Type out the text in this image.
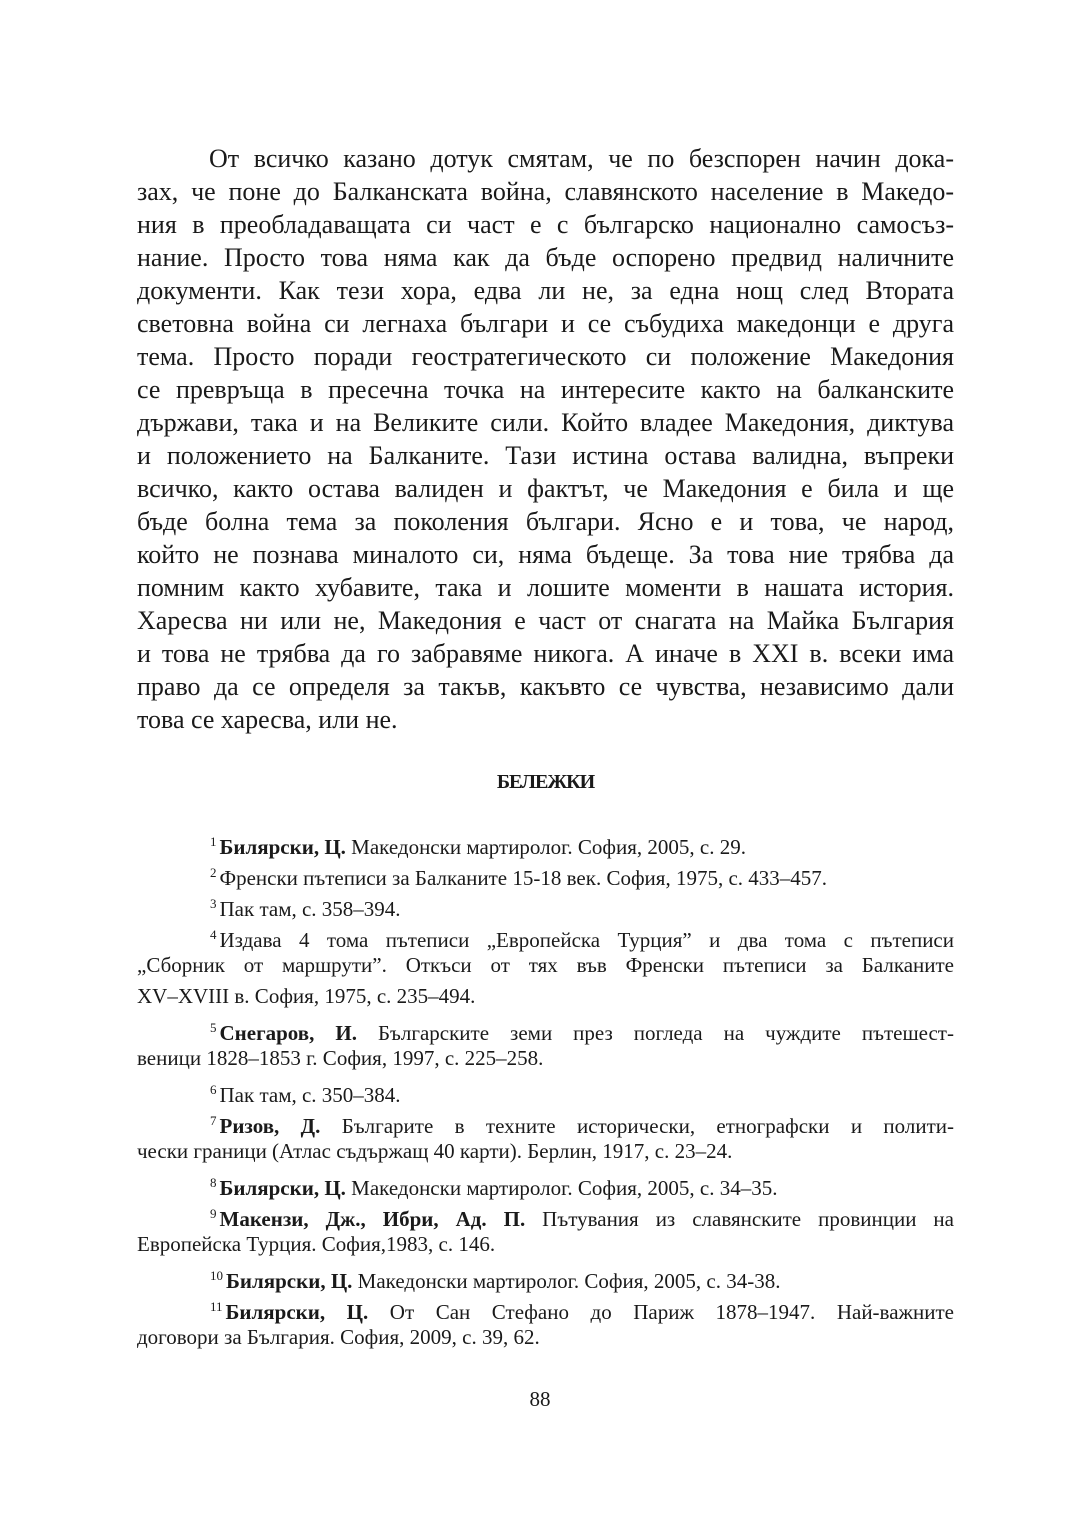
От всичко казано дотук смятам, че по безспорен начин дока-
зах, че поне до Балканската война, славянското население в Македо-
ния в преобладаващата си част е с българско национално самосъз-
нание. Просто това няма как да бъде оспорено предвид наличните
документи. Как тези хора, едва ли не, за една нощ след Втората
световна война си легнаха българи и се събудиха македонци е друга
тема. Просто поради геостратегическото си положение Македония
се превръща в пресечна точка на интересите както на балканските
държави, така и на Великите сили. Който владее Македония, диктува
и положението на Балканите. Тази истина остава валидна, въпреки
всичко, както остава валиден и фактът, че Македония е била и ще
бъде болна тема за поколения българи. Ясно е и това, че народ,
който не познава миналото си, няма бъдеще. За това ние трябва да
помним както хубавите, така и лошите моменти в нашата история.
Харесва ни или не, Македония е част от снагата на Майка България
и това не трябва да го забравяме никога. А иначе в XXI в. всеки има
право да се определя за такъв, какъвто се чувства, независимо дали
това се харесва, или не.
БЕЛЕЖКИ
$^1$ Билярски, Ц. Македонски мартиролог. София, 2005, с. 29.
$^2$ Френски пътеписи за Балканите 15-18 век. София, 1975, с. 433–457.
$^3$ Пак там, с. 358–394.
$^4$ Издава 4 тома пътеписи „Европейска Турция” и два тома с пътеписи
„Сборник от маршрути”. Откъси от тях във Френски пътеписи за Балканите
XV–XVIII в. София, 1975, с. 235–494.
$^5$ Снегаров, И. Българските земи през погледа на чуждите пътешест-
веници 1828–1853 г. София, 1997, с. 225–258.
$^6$ Пак там, с. 350–384.
$^7$ Ризов, Д. Българите в техните исторически, етнографски и полити-
чески граници (Атлас съдържащ 40 карти). Берлин, 1917, с. 23–24.
$^8$ Билярски, Ц. Македонски мартиролог. София, 2005, с. 34–35.
$^9$ Макензи, Дж., Ибри, Ад. П. Пътувания из славянските провинции на
Европейска Турция. София,1983, с. 146.
$^{10}$ Билярски, Ц. Македонски мартиролог. София, 2005, с. 34-38.
$^{11}$ Билярски, Ц. От Сан Стефано до Париж 1878–1947. Най-важните
договори за България. София, 2009, с. 39, 62.
88
